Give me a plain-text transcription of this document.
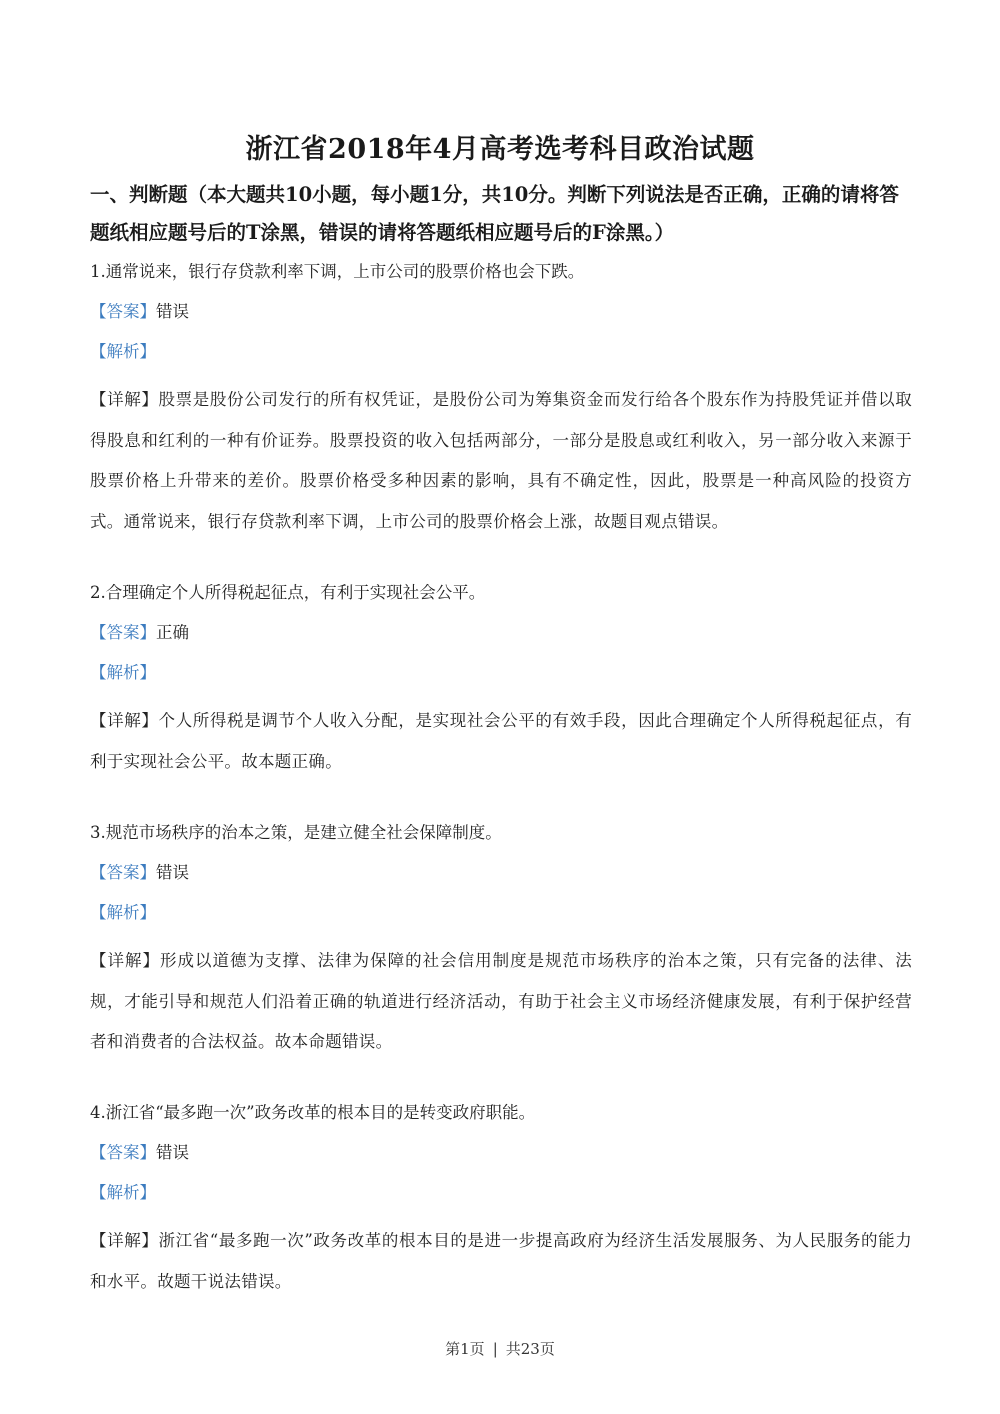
浙江省2018年4月高考选考科目政治试题
一、判断题（本大题共10小题，每小题1分，共10分。判断下列说法是否正确，正确的请将答题纸相应题号后的T涂黑，错误的请将答题纸相应题号后的F涂黑。）

1.通常说来，银行存贷款利率下调，上市公司的股票价格也会下跌。

【答案】错误
【解析】
【详解】股票是股份公司发行的所有权凭证，是股份公司为筹集资金而发行给各个股东作为持股凭证并借以取得股息和红利的一种有价证券。股票投资的收入包括两部分，一部分是股息或红利收入，另一部分收入来源于股票价格上升带来的差价。股票价格受多种因素的影响，具有不确定性，因此，股票是一种高风险的投资方式。通常说来，银行存贷款利率下调，上市公司的股票价格会上涨，故题目观点错误。

2.合理确定个人所得税起征点，有利于实现社会公平。

【答案】正确
【解析】
【详解】个人所得税是调节个人收入分配，是实现社会公平的有效手段，因此合理确定个人所得税起征点，有利于实现社会公平。故本题正确。

3.规范市场秩序的治本之策，是建立健全社会保障制度。

【答案】错误
【解析】
【详解】形成以道德为支撑、法律为保障的社会信用制度是规范市场秩序的治本之策，只有完备的法律、法规，才能引导和规范人们沿着正确的轨道进行经济活动，有助于社会主义市场经济健康发展，有利于保护经营者和消费者的合法权益。故本命题错误。

4.浙江省“最多跑一次”政务改革的根本目的是转变政府职能。

【答案】错误
【解析】
【详解】浙江省“最多跑一次”政务改革的根本目的是进一步提高政府为经济生活发展服务、为人民服务的能力和水平。故题干说法错误。
第1页 | 共23页
